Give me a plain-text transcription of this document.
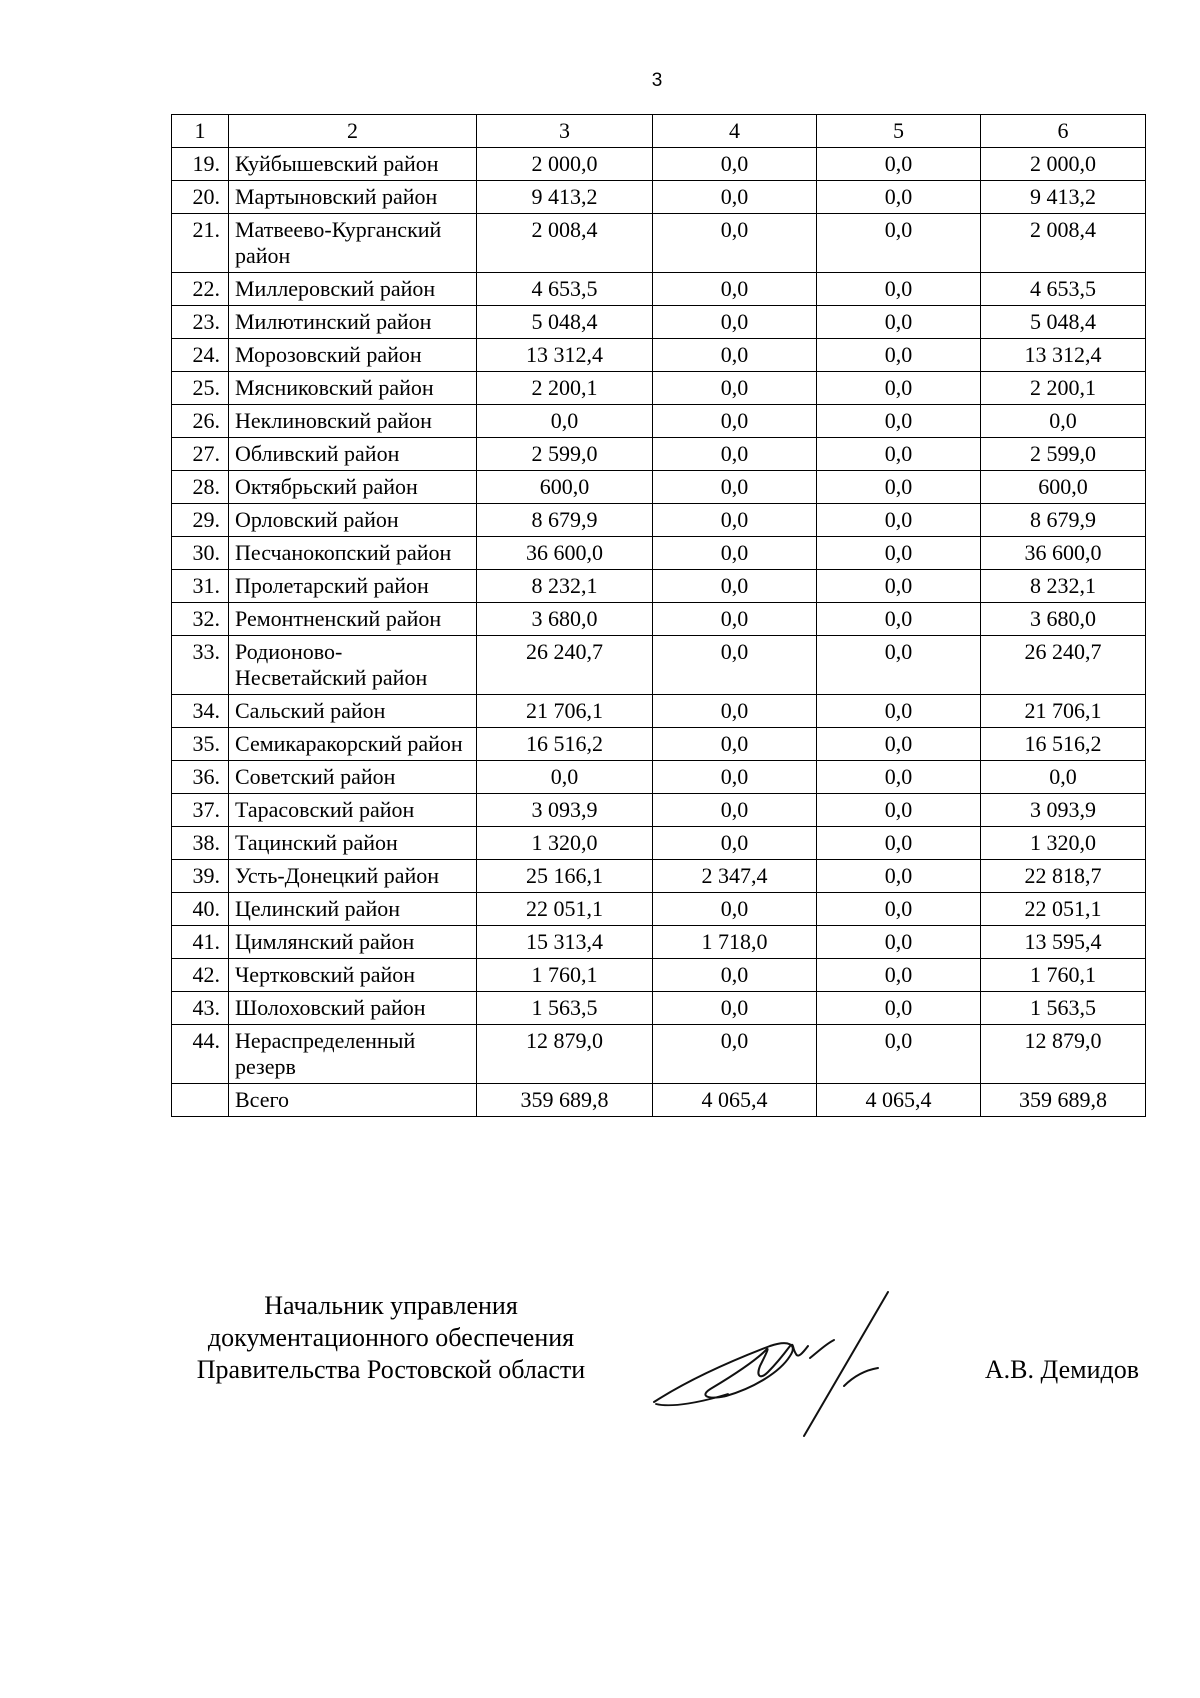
3
1	2	3	4	5	6
19.	Куйбышевский район	2 000,0	0,0	0,0	2 000,0
20.	Мартыновский район	9 413,2	0,0	0,0	9 413,2
21.	Матвеево-Курганский район	2 008,4	0,0	0,0	2 008,4
22.	Миллеровский район	4 653,5	0,0	0,0	4 653,5
23.	Милютинский район	5 048,4	0,0	0,0	5 048,4
24.	Морозовский район	13 312,4	0,0	0,0	13 312,4
25.	Мясниковский район	2 200,1	0,0	0,0	2 200,1
26.	Неклиновский район	0,0	0,0	0,0	0,0
27.	Обливский район	2 599,0	0,0	0,0	2 599,0
28.	Октябрьский район	600,0	0,0	0,0	600,0
29.	Орловский район	8 679,9	0,0	0,0	8 679,9
30.	Песчанокопский район	36 600,0	0,0	0,0	36 600,0
31.	Пролетарский район	8 232,1	0,0	0,0	8 232,1
32.	Ремонтненский район	3 680,0	0,0	0,0	3 680,0
33.	Родионово-Несветайский район	26 240,7	0,0	0,0	26 240,7
34.	Сальский район	21 706,1	0,0	0,0	21 706,1
35.	Семикаракорский район	16 516,2	0,0	0,0	16 516,2
36.	Советский район	0,0	0,0	0,0	0,0
37.	Тарасовский район	3 093,9	0,0	0,0	3 093,9
38.	Тацинский район	1 320,0	0,0	0,0	1 320,0
39.	Усть-Донецкий район	25 166,1	2 347,4	0,0	22 818,7
40.	Целинский район	22 051,1	0,0	0,0	22 051,1
41.	Цимлянский район	15 313,4	1 718,0	0,0	13 595,4
42.	Чертковский район	1 760,1	0,0	0,0	1 760,1
43.	Шолоховский район	1 563,5	0,0	0,0	1 563,5
44.	Нераспределенный резерв	12 879,0	0,0	0,0	12 879,0
	Всего	359 689,8	4 065,4	4 065,4	359 689,8
Начальник управления
документационного обеспечения
Правительства Ростовской области	А.В. Демидов
